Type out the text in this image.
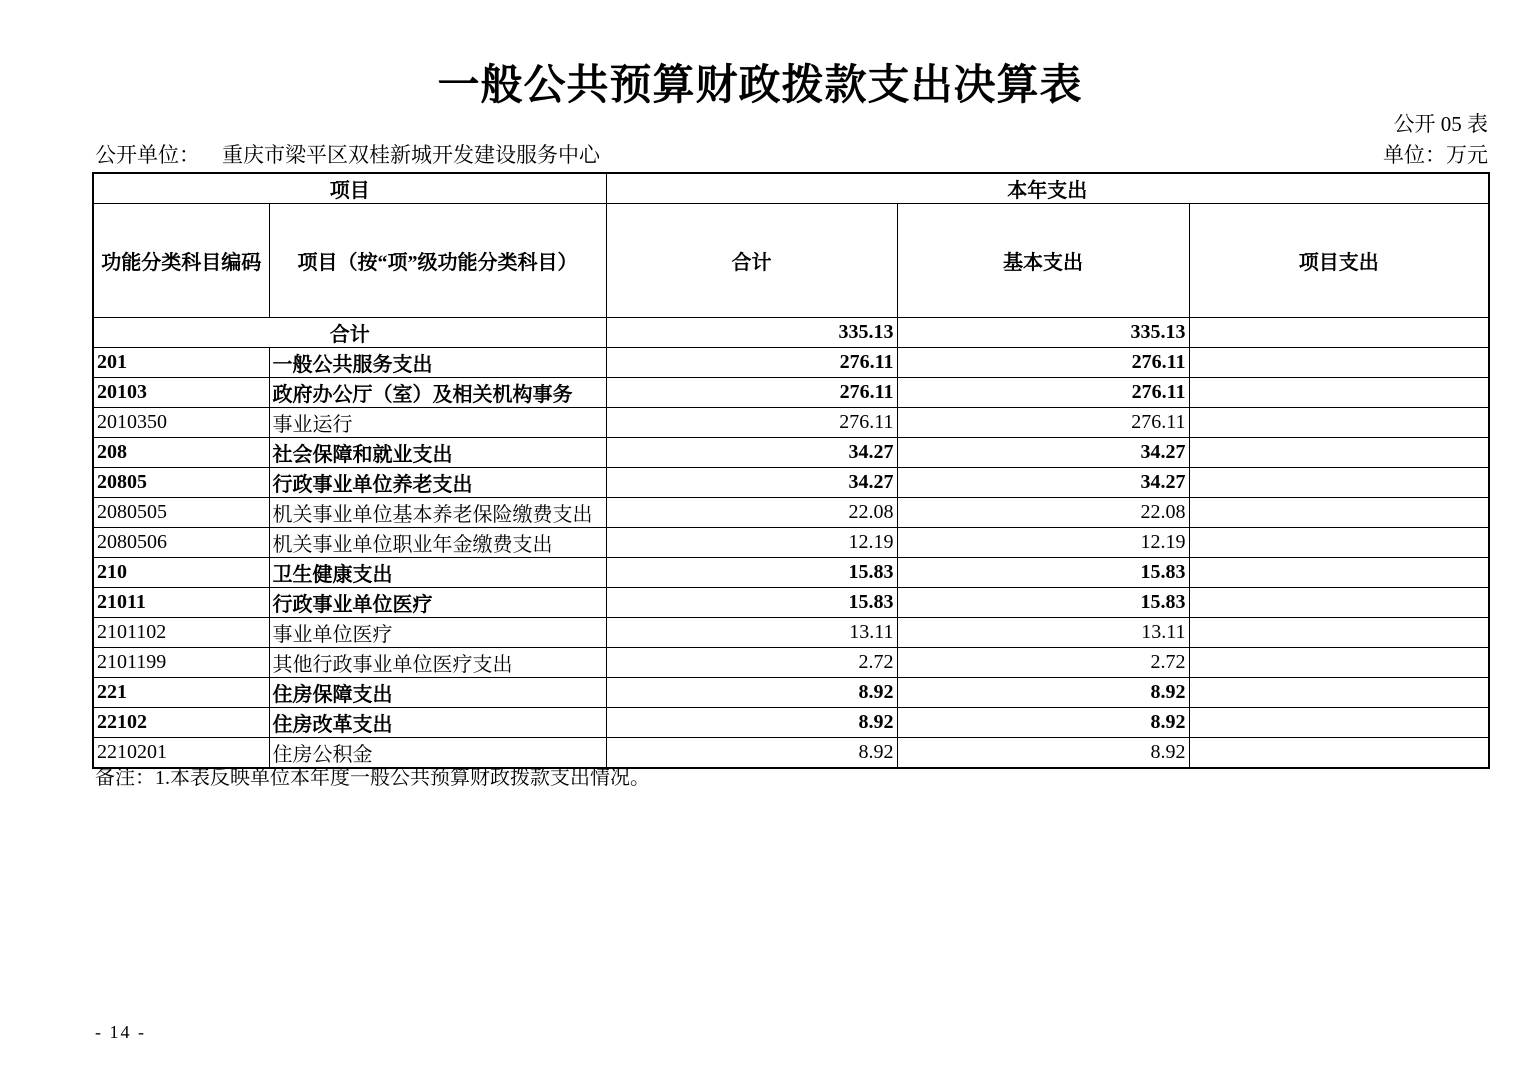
一般公共预算财政拨款支出决算表
公开 05 表
公开单位： 重庆市梁平区双桂新城开发建设服务中心	单位：万元
项目		本年支出		
功能分类科目编码	项目（按“项”级功能分类科目）	合计	基本支出	项目支出
合计		335.13	335.13	
201	一般公共服务支出	276.11	276.11	
20103	政府办公厅（室）及相关机构事务	276.11	276.11	
2010350	事业运行	276.11	276.11	
208	社会保障和就业支出	34.27	34.27	
20805	行政事业单位养老支出	34.27	34.27	
2080505	机关事业单位基本养老保险缴费支出	22.08	22.08	
2080506	机关事业单位职业年金缴费支出	12.19	12.19	
210	卫生健康支出	15.83	15.83	
21011	行政事业单位医疗	15.83	15.83	
2101102	事业单位医疗	13.11	13.11	
2101199	其他行政事业单位医疗支出	2.72	2.72	
221	住房保障支出	8.92	8.92	
22102	住房改革支出	8.92	8.92	
2210201	住房公积金	8.92	8.92	
备注：1.本表反映单位本年度一般公共预算财政拨款支出情况。
- 14 -
